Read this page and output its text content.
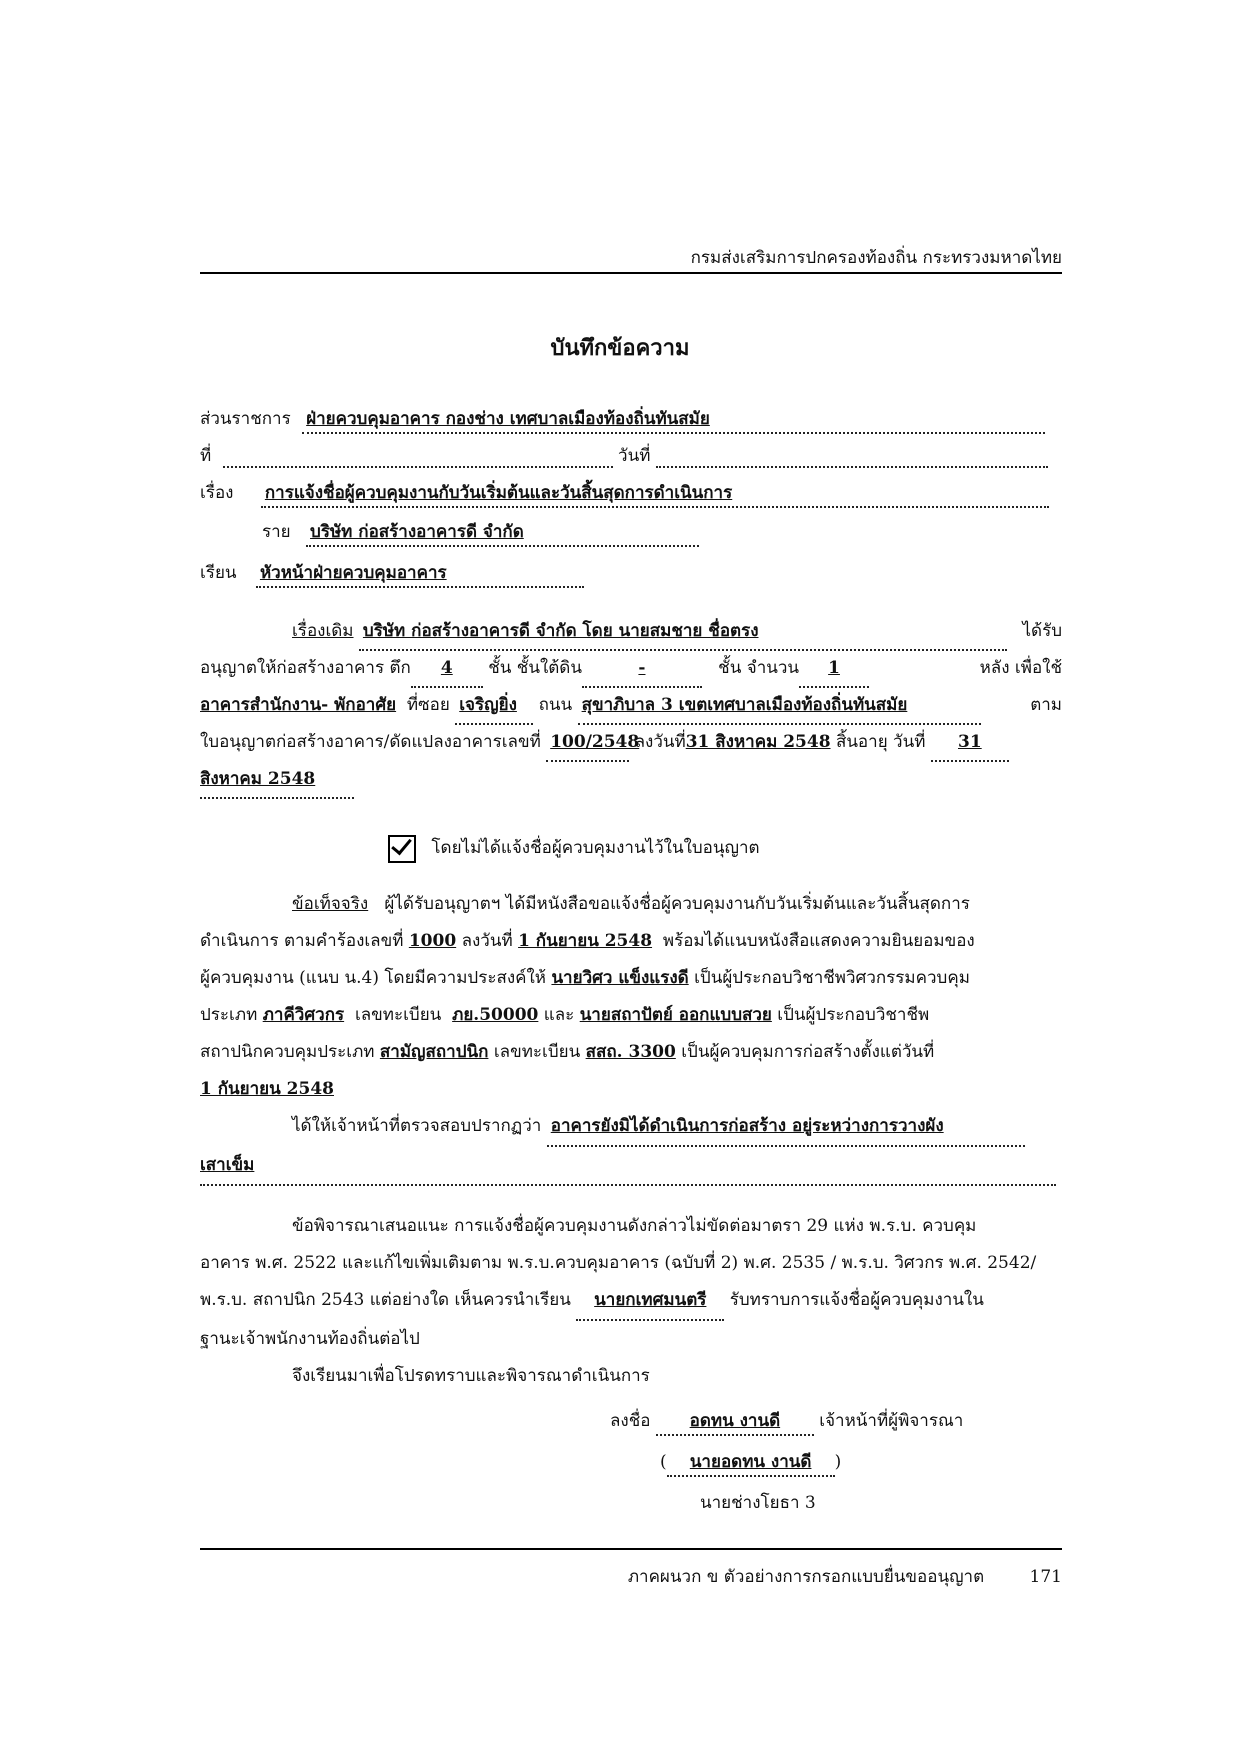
กรมส่งเสริมการปกครองท้องถิ่น กระทรวงมหาดไทย
บันทึกข้อความ
ส่วนราชการ ฝ่ายควบคุมอาคาร กองช่าง เทศบาลเมืองท้องถิ่นทันสมัย
ที่	วันที่
เรื่อง การแจ้งชื่อผู้ควบคุมงานกับวันเริ่มต้นและวันสิ้นสุดการดำเนินการ
ราย บริษัท ก่อสร้างอาคารดี จำกัด
เรียน หัวหน้าฝ่ายควบคุมอาคาร

เรื่องเดิม บริษัท ก่อสร้างอาคารดี จำกัด โดย นายสมชาย ชื่อตรง	ได้รับ

อนุญาตให้ก่อสร้างอาคาร ตึก 4 ชั้น ชั้นใต้ดิน	-	ชั้น จำนวน 1	หลัง เพื่อใช้

อาคารสำนักงาน- พักอาศัย ที่ซอย เจริญยิ่ง ถนน สุขาภิบาล 3 เขตเทศบาลเมืองท้องถิ่นทันสมัย	ตาม

ใบอนุญาตก่อสร้างอาคาร/ดัดแปลงอาคารเลขที่ 100/2548 ลงวันที่31 สิงหาคม 2548 สิ้นอายุ วันที่ 31

สิงหาคม 2548

โดยไม่ได้แจ้งชื่อผู้ควบคุมงานไว้ในใบอนุญาต

ข้อเท็จจริง ผู้ได้รับอนุญาตฯ ได้มีหนังสือขอแจ้งชื่อผู้ควบคุมงานกับวันเริ่มต้นและวันสิ้นสุดการ

ดำเนินการ ตามคำร้องเลขที่ 1000 ลงวันที่ 1 กันยายน 2548 พร้อมได้แนบหนังสือแสดงความยินยอมของ

ผู้ควบคุมงาน (แนบ น.4) โดยมีความประสงค์ให้ นายวิศว แข็งแรงดี เป็นผู้ประกอบวิชาชีพวิศวกรรมควบคุม

ประเภท ภาคีวิศวกร เลขทะเบียน ภย.50000 และ นายสถาปัตย์ ออกแบบสวย เป็นผู้ประกอบวิชาชีพ

สถาปนิกควบคุมประเภท สามัญสถาปนิก เลขทะเบียน สสถ. 3300 เป็นผู้ควบคุมการก่อสร้างตั้งแต่วันที่

1 กันยายน 2548

ได้ให้เจ้าหน้าที่ตรวจสอบปรากฏว่า อาคารยังมิได้ดำเนินการก่อสร้าง อยู่ระหว่างการวางผัง

เสาเข็ม

ข้อพิจารณาเสนอแนะ การแจ้งชื่อผู้ควบคุมงานดังกล่าวไม่ขัดต่อมาตรา 29 แห่ง พ.ร.บ. ควบคุม

อาคาร พ.ศ. 2522 และแก้ไขเพิ่มเติมตาม พ.ร.บ.ควบคุมอาคาร (ฉบับที่ 2) พ.ศ. 2535 / พ.ร.บ. วิศวกร พ.ศ. 2542/

พ.ร.บ. สถาปนิก 2543 แต่อย่างใด เห็นควรนำเรียน นายกเทศมนตรี รับทราบการแจ้งชื่อผู้ควบคุมงานใน

ฐานะเจ้าพนักงานท้องถิ่นต่อไป

จึงเรียนมาเพื่อโปรดทราบและพิจารณาดำเนินการ

ลงชื่อ อดทน งานดี เจ้าหน้าที่ผู้พิจารณา
( นายอดทน งานดี )
นายช่างโยธา 3
ภาคผนวก ข ตัวอย่างการกรอกแบบยื่นขออนุญาต	171
